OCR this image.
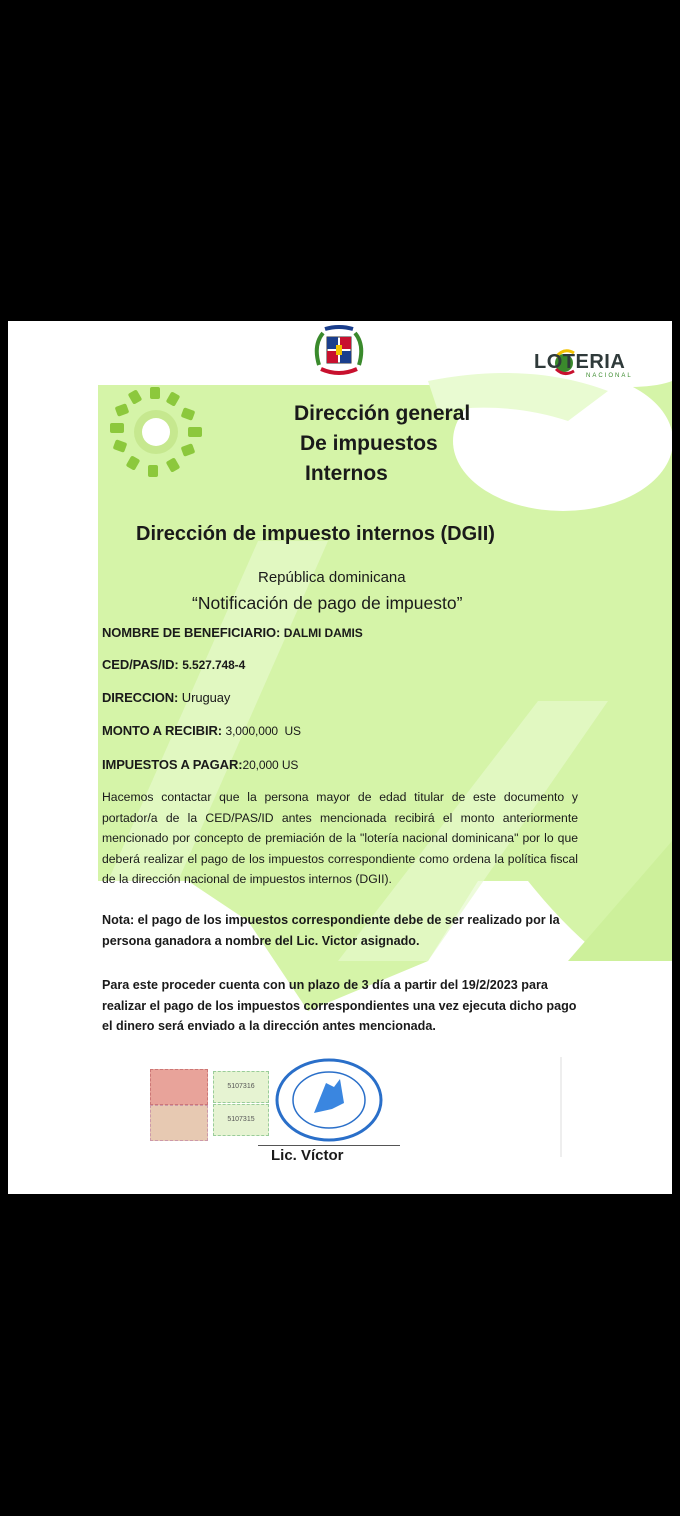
LOTERIA
NACIONAL
Dirección general
De impuestos
Internos
Dirección de impuesto internos (DGII)
República dominicana
“Notificación de pago de impuesto”
NOMBRE DE BENEFICIARIO: DALMI DAMIS
CED/PAS/ID: 5.527.748-4
DIRECCION: Uruguay
MONTO A RECIBIR: 3,000,000  US
IMPUESTOS A PAGAR:20,000 US
Hacemos contactar que la persona mayor de edad titular de este documento y portador/a de la CED/PAS/ID antes mencionada recibirá el monto anteriormente mencionado por concepto de premiación de la "lotería nacional dominicana" por lo que deberá realizar el pago de los impuestos correspondiente como ordena la política fiscal de la dirección nacional de impuestos internos (DGII).
Nota: el pago de los impuestos correspondiente debe de ser realizado por la persona ganadora a nombre del Lic. Victor asignado.
Para este proceder cuenta con un plazo de 3 día a partir del 19/2/2023 para realizar el pago de los impuestos correspondientes una vez ejecuta dicho pago el dinero será enviado a la dirección antes mencionada.
5107316
5107315
Lic. Víctor
